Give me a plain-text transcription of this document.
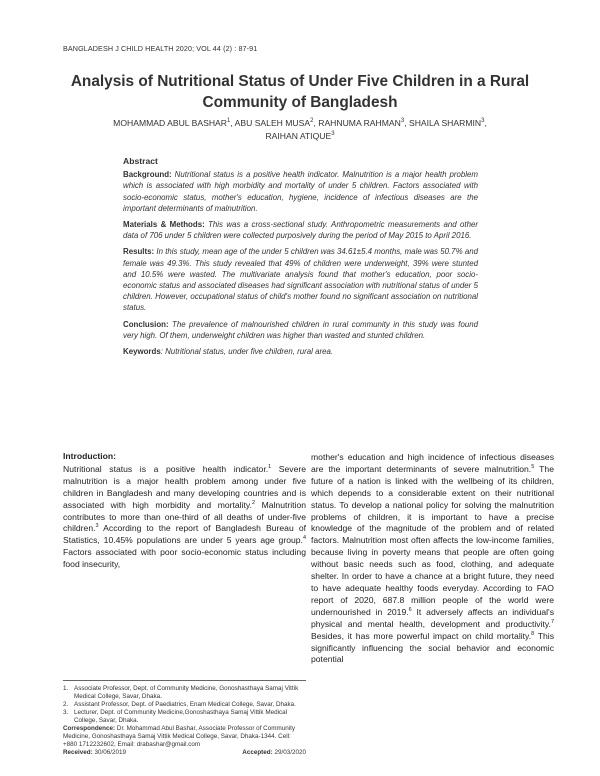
BANGLADESH J CHILD HEALTH 2020; VOL 44 (2) : 87-91
Analysis of Nutritional Status of Under Five Children in a Rural Community of Bangladesh
MOHAMMAD ABUL BASHAR$^1$, ABU SALEH MUSA$^2$, RAHNUMA RAHMAN$^3$, SHAILA SHARMIN$^3$,
RAIHAN ATIQUE$^3$
Abstract

Background: Nutritional status is a positive health indicator. Malnutrition is a major health problem which is associated with high morbidity and mortality of under 5 children. Factors associated with socio-economic status, mother's education, hygiene, incidence of infectious diseases are the important determinants of malnutrition.

Materials & Methods: This was a cross-sectional study. Anthropometric measurements and other data of 706 under 5 children were collected purposively during the period of May 2015 to April 2016.

Results: In this study, mean age of the under 5 children was 34.61±5.4 months, male was 50.7% and female was 49.3%. This study revealed that 49% of children were underweight, 39% were stunted and 10.5% were wasted. The multivariate analysis found that mother's education, poor socio-economic status and associated diseases had significant association with nutritional status of under 5 children. However, occupational status of child's mother found no significant association on nutritional status.

Conclusion: The prevalence of malnourished children in rural community in this study was found very high. Of them, underweight children was higher than wasted and stunted children.

Keywords: Nutritional status, under five children, rural area.

Introduction:

Nutritional status is a positive health indicator.$^1$ Severe malnutrition is a major health problem among under five children in Bangladesh and many developing countries and is associated with high morbidity and mortality.$^2$ Malnutrition contributes to more than one-third of all deaths of under-five children.$^3$ According to the report of Bangladesh Bureau of Statistics, 10.45% populations are under 5 years age group.$^4$ Factors associated with poor socio-economic status including food insecurity,

mother's education and high incidence of infectious diseases are the important determinants of severe malnutrition.$^5$ The future of a nation is linked with the wellbeing of its children, which depends to a considerable extent on their nutritional status. To develop a national policy for solving the malnutrition problems of children, it is important to have a precise knowledge of the magnitude of the problem and of related factors. Malnutrition most often affects the low-income families, because living in poverty means that people are often going without basic needs such as food, clothing, and adequate shelter. In order to have a chance at a bright future, they need to have adequate healthy foods everyday. According to FAO report of 2020, 687.8 million people of the world were undernourished in 2019.$^6$ It adversely affects an individual's physical and mental health, development and productivity.$^7$ Besides, it has more powerful impact on child mortality.$^8$ This significantly influencing the social behavior and economic potential

1. Associate Professor, Dept. of Community Medicine, Gonoshasthaya Samaj Vittik Medical College, Savar, Dhaka.
2. Assistant Professor, Dept. of Paediatrics, Enam Medical College, Savar, Dhaka.
3. Lecturer, Dept. of Community Medicine,Gonoshasthaya Samaj Vittik Medical College, Savar, Dhaka.
Correspondence: Dr. Mohammad Abul Bashar, Associate Professor of Community Medicine, Gonoshasthaya Samaj Vittik Medical College, Savar, Dhaka-1344. Cell: +880 1712232602, Email: drabashar@gmail.com
Received: 30/06/2019	Accepted: 29/03/2020
